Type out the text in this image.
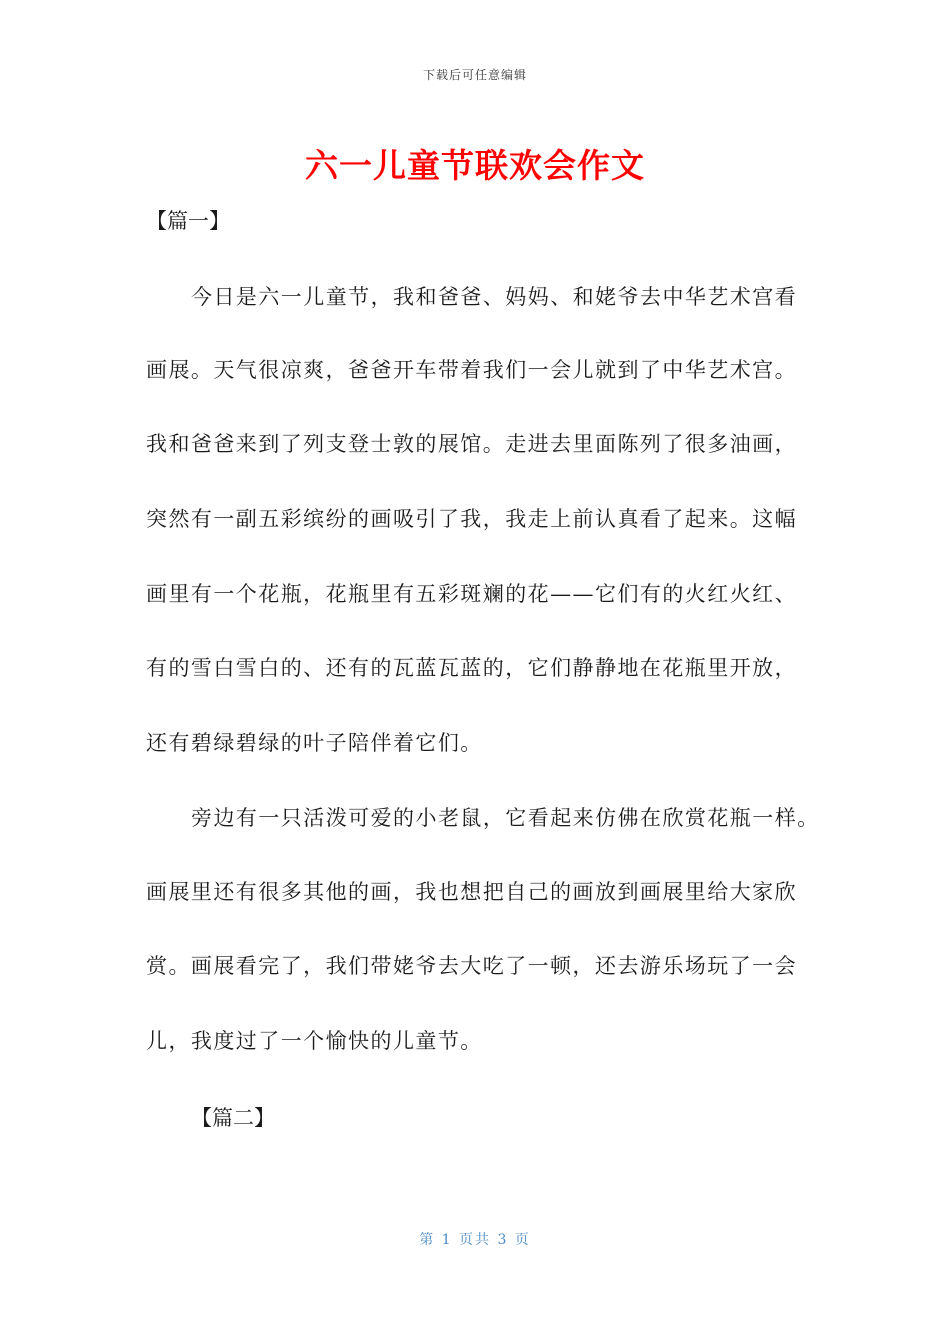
下载后可任意编辑
六一儿童节联欢会作文
【篇一】
今日是六一儿童节，我和爸爸、妈妈、和姥爷去中华艺术宫看
画展。天气很凉爽，爸爸开车带着我们一会儿就到了中华艺术宫。
我和爸爸来到了列支登士敦的展馆。走进去里面陈列了很多油画，
突然有一副五彩缤纷的画吸引了我，我走上前认真看了起来。这幅
画里有一个花瓶，花瓶里有五彩斑斓的花——它们有的火红火红、
有的雪白雪白的、还有的瓦蓝瓦蓝的，它们静静地在花瓶里开放，
还有碧绿碧绿的叶子陪伴着它们。
旁边有一只活泼可爱的小老鼠，它看起来仿佛在欣赏花瓶一样。
画展里还有很多其他的画，我也想把自己的画放到画展里给大家欣
赏。画展看完了，我们带姥爷去大吃了一顿，还去游乐场玩了一会
儿，我度过了一个愉快的儿童节。
【篇二】
第 1 页共 3 页
